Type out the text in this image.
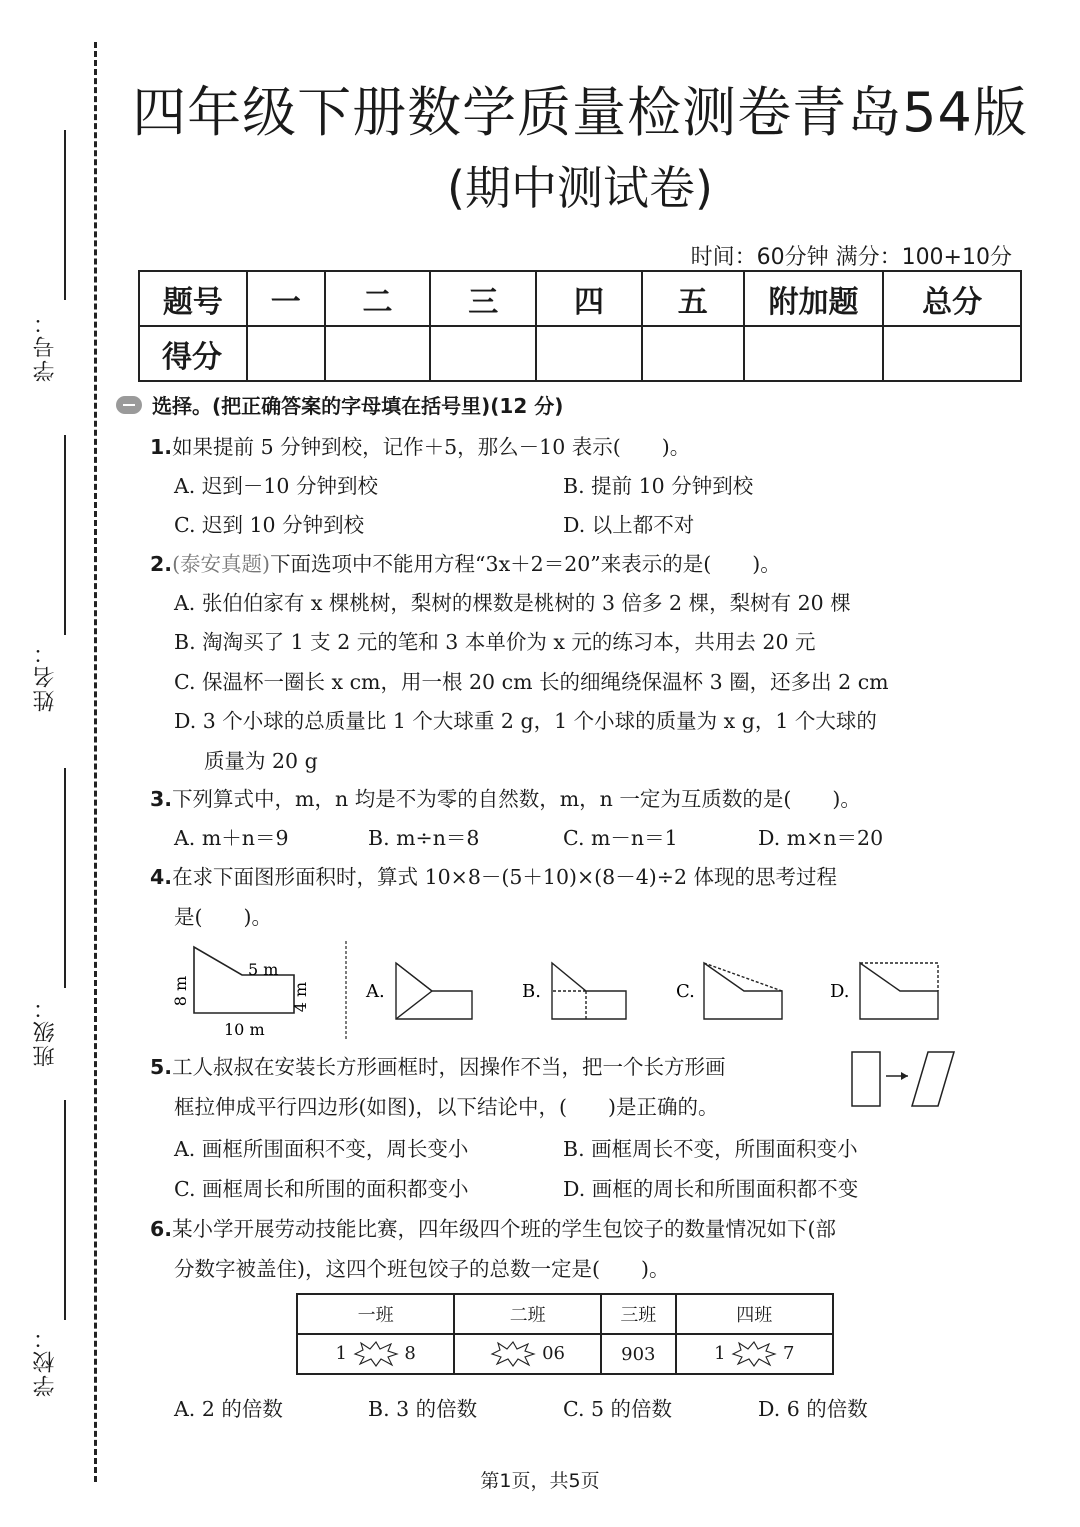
学号：
姓名：
班级：
学校：
四年级下册数学质量检测卷青岛54版
(期中测试卷)
时间：60分钟 满分：100+10分
题号	一	二	三	四	五	附加题	总分
得分							
选择。(把正确答案的字母填在括号里)(12 分)
1.如果提前 5 分钟到校，记作＋5，那么－10 表示(　　)。
A. 迟到－10 分钟到校	B. 提前 10 分钟到校
C. 迟到 10 分钟到校	D. 以上都不对
2.(泰安真题)下面选项中不能用方程“3x＋2＝20”来表示的是(　　)。
A. 张伯伯家有 x 棵桃树，梨树的棵数是桃树的 3 倍多 2 棵，梨树有 20 棵
B. 淘淘买了 1 支 2 元的笔和 3 本单价为 x 元的练习本，共用去 20 元
C. 保温杯一圈长 x cm，用一根 20 cm 长的细绳绕保温杯 3 圈，还多出 2 cm
D. 3 个小球的总质量比 1 个大球重 2 g，1 个小球的质量为 x g，1 个大球的
质量为 20 g
3.下列算式中，m，n 均是不为零的自然数，m，n 一定为互质数的是(　　)。
A. m＋n＝9	B. m÷n＝8	C. m－n＝1	D. m×n＝20
4.在求下面图形面积时，算式 10×8－(5＋10)×(8－4)÷2 体现的思考过程
是(　　)。
5 m
8 m	4 m
10 m
A.	B.	C.	D.
5.工人叔叔在安装长方形画框时，因操作不当，把一个长方形画
框拉伸成平行四边形(如图)，以下结论中，(　　)是正确的。
A. 画框所围面积不变，周长变小	B. 画框周长不变，所围面积变小
C. 画框周长和所围的面积都变小	D. 画框的周长和所围面积都不变
6.某小学开展劳动技能比赛，四年级四个班的学生包饺子的数量情况如下(部
分数字被盖住)，这四个班包饺子的总数一定是(　　)。
一班	二班	三班	四班
1 8	06	903	1 7
A. 2 的倍数	B. 3 的倍数	C. 5 的倍数	D. 6 的倍数
第1页，共5页
